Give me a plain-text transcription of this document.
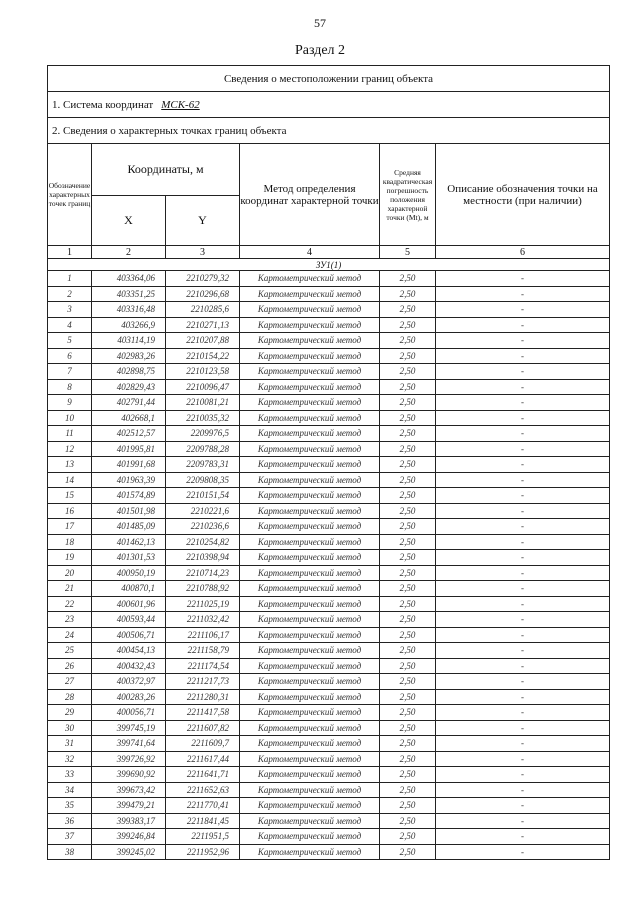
57
Раздел 2
Сведения о местоположении границ объекта					
1. Система координат МСК-62					
2. Сведения о характерных точках границ объекта					
Обозначение характерных точек границ	Координаты, м		Метод определения координат характерной точки	Средняя квадратическая погрешность положения характерной точки (Mt), м	Описание обозначения точки на местности (при наличии)
	X	Y			
1	2	3	4	5	6
ЗУ1(1)					
1	403364,06	2210279,32	Картометрический метод	2,50	-
2	403351,25	2210296,68	Картометрический метод	2,50	-
3	403316,48	2210285,6	Картометрический метод	2,50	-
4	403266,9	2210271,13	Картометрический метод	2,50	-
5	403114,19	2210207,88	Картометрический метод	2,50	-
6	402983,26	2210154,22	Картометрический метод	2,50	-
7	402898,75	2210123,58	Картометрический метод	2,50	-
8	402829,43	2210096,47	Картометрический метод	2,50	-
9	402791,44	2210081,21	Картометрический метод	2,50	-
10	402668,1	2210035,32	Картометрический метод	2,50	-
11	402512,57	2209976,5	Картометрический метод	2,50	-
12	401995,81	2209788,28	Картометрический метод	2,50	-
13	401991,68	2209783,31	Картометрический метод	2,50	-
14	401963,39	2209808,35	Картометрический метод	2,50	-
15	401574,89	2210151,54	Картометрический метод	2,50	-
16	401501,98	2210221,6	Картометрический метод	2,50	-
17	401485,09	2210236,6	Картометрический метод	2,50	-
18	401462,13	2210254,82	Картометрический метод	2,50	-
19	401301,53	2210398,94	Картометрический метод	2,50	-
20	400950,19	2210714,23	Картометрический метод	2,50	-
21	400870,1	2210788,92	Картометрический метод	2,50	-
22	400601,96	2211025,19	Картометрический метод	2,50	-
23	400593,44	2211032,42	Картометрический метод	2,50	-
24	400506,71	2211106,17	Картометрический метод	2,50	-
25	400454,13	2211158,79	Картометрический метод	2,50	-
26	400432,43	2211174,54	Картометрический метод	2,50	-
27	400372,97	2211217,73	Картометрический метод	2,50	-
28	400283,26	2211280,31	Картометрический метод	2,50	-
29	400056,71	2211417,58	Картометрический метод	2,50	-
30	399745,19	2211607,82	Картометрический метод	2,50	-
31	399741,64	2211609,7	Картометрический метод	2,50	-
32	399726,92	2211617,44	Картометрический метод	2,50	-
33	399690,92	2211641,71	Картометрический метод	2,50	-
34	399673,42	2211652,63	Картометрический метод	2,50	-
35	399479,21	2211770,41	Картометрический метод	2,50	-
36	399383,17	2211841,45	Картометрический метод	2,50	-
37	399246,84	2211951,5	Картометрический метод	2,50	-
38	399245,02	2211952,96	Картометрический метод	2,50	-
